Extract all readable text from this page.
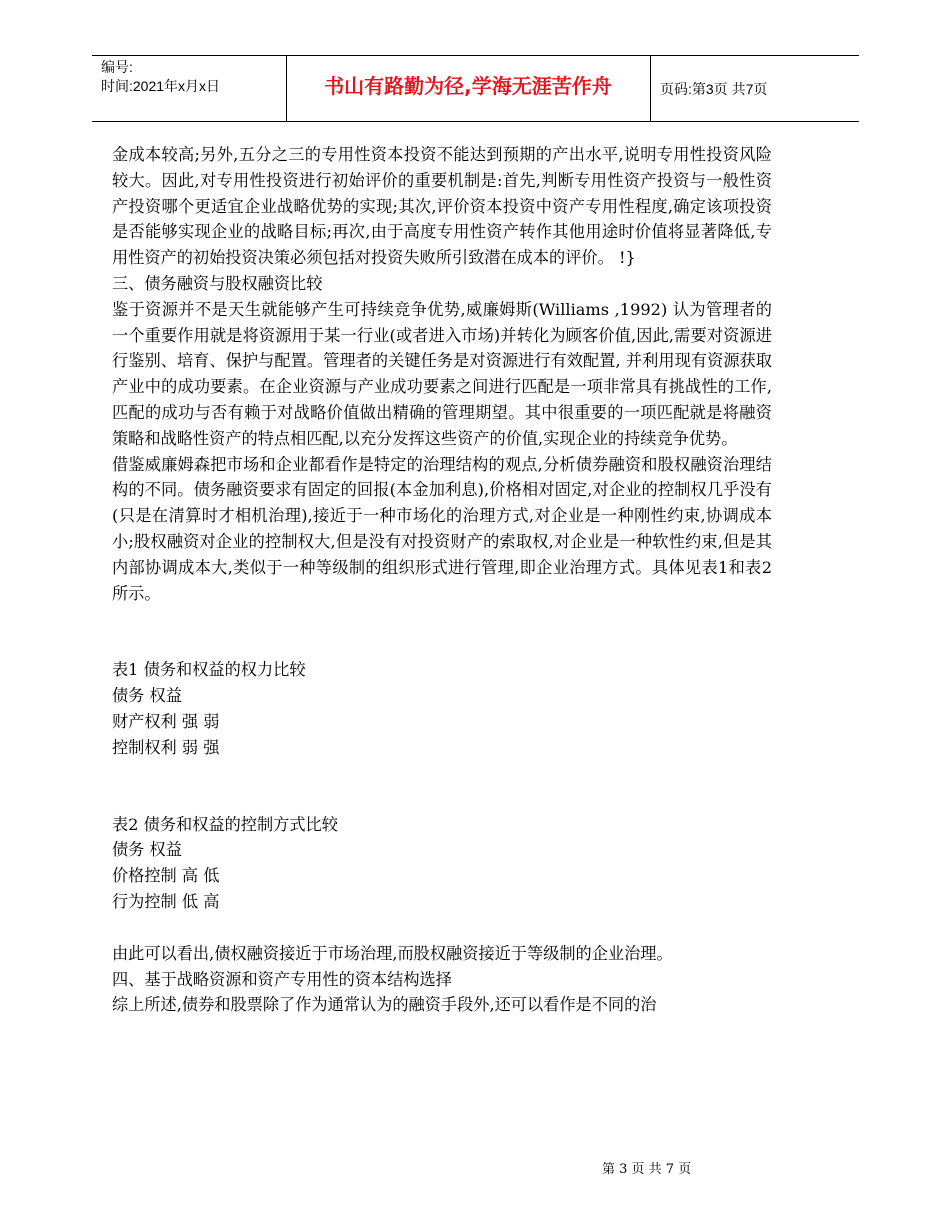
编号:
时间:2021年x月x日	书山有路勤为径,学海无涯苦作舟	页码:第3页 共7页

金成本较高;另外,五分之三的专用性资本投资不能达到预期的产出水平,说明专用性投资风险较大。因此,对专用性投资进行初始评价的重要机制是:首先,判断专用性资产投资与一般性资产投资哪个更适宜企业战略优势的实现;其次,评价资本投资中资产专用性程度,确定该项投资是否能够实现企业的战略目标;再次,由于高度专用性资产转作其他用途时价值将显著降低,专用性资产的初始投资决策必须包括对投资失败所引致潜在成本的评价。 !}

三、债务融资与股权融资比较

鉴于资源并不是天生就能够产生可持续竞争优势,威廉姆斯(Williams ,1992) 认为管理者的一个重要作用就是将资源用于某一行业(或者进入市场)并转化为顾客价值,因此,需要对资源进行鉴别、培育、保护与配置。管理者的关键任务是对资源进行有效配置, 并利用现有资源获取产业中的成功要素。在企业资源与产业成功要素之间进行匹配是一项非常具有挑战性的工作, 匹配的成功与否有赖于对战略价值做出精确的管理期望。其中很重要的一项匹配就是将融资策略和战略性资产的特点相匹配,以充分发挥这些资产的价值,实现企业的持续竞争优势。

借鉴威廉姆森把市场和企业都看作是特定的治理结构的观点,分析债券融资和股权融资治理结构的不同。债务融资要求有固定的回报(本金加利息),价格相对固定,对企业的控制权几乎没有(只是在清算时才相机治理),接近于一种市场化的治理方式,对企业是一种刚性约束,协调成本小;股权融资对企业的控制权大,但是没有对投资财产的索取权,对企业是一种软性约束,但是其内部协调成本大,类似于一种等级制的组织形式进行管理,即企业治理方式。具体见表1和表2所示。

表1 债务和权益的权力比较

债务 权益

财产权利 强 弱

控制权利 弱 强

表2 债务和权益的控制方式比较

债务 权益

价格控制 高 低

行为控制 低 高

由此可以看出,债权融资接近于市场治理,而股权融资接近于等级制的企业治理。

四、基于战略资源和资产专用性的资本结构选择

综上所述,债券和股票除了作为通常认为的融资手段外,还可以看作是不同的治

第 3 页 共 7 页
